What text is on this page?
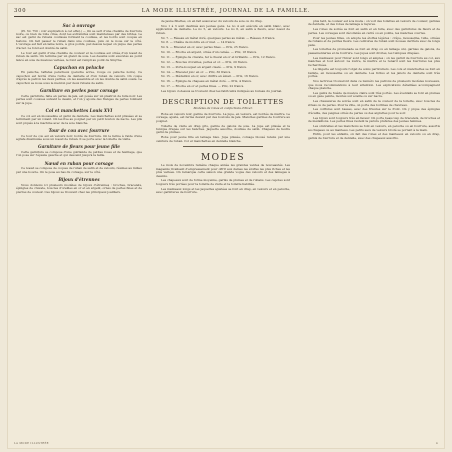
300	LA MODE ILLUSTRÉE, JOURNAL DE LA FAMILLE.
Sac à ouvrage

(Pl. No 750 ; voir explication à cet effet.) — On se sert d'une chenille de fourrure noire, ou bien de toile cirée, dont les extrémités sont maintenues par des brides. Le sac est garni de rubans coulissés formant la coulisse, et les bords sont coupés en festons. On fait passer le ruban dans une coulisse, puis on le noue sur le côté. L'ouvrage est fait en laine noire, à gros points, par-dessus lequel on pique des perles d'acier. Le fond est doublé de satin.

Le tour est garni d'une chenille de couleur et la coulisse est ornée d'un nœud de ruban de satin. On termine par un gland de soie. Les dessins sont exécutés au point lancé en soie de nuances variées, le fond est rempli au point de Smyrne.

Capuchon en peluche

En peluche, taffetas pelucheux (peluche écrue, rouge ou peluche noire). Ce capuchon est bordé d'une ruche de dentelle et d'un ruban de velours. On coupe d'après le patron les deux parties, on les assemble et on les double de satin ouaté. Le capuchon se noue sous le menton par deux rubans de satin.

Garniture en perles pour corsage

Cette garniture, faite en perles de jais, est posée sur un plastron de tulle noir. Les perles sont cousues suivant le dessin, et l'on y ajoute des franges de perles tombant sur la jupe.

Col et manchettes Louis XVI

Ce col est en mousseline et garni de dentelle. Les manchettes sont plissées et se terminent par un volant. On les fixe au poignet par un petit bouton de nacre. Les plis sont piqués à la machine avec de la soie blanche.

Tour de cou avec fourrure

Ce tour de cou est en velours noir, bordé de fourrure. On le ferme à l'aide d'une agrafe dissimulée sous un nœud de ruban. Il se porte avec la toilette de visite.

Garniture de fleurs pour jeune fille

Cette garniture se compose d'une guirlande de petites roses et de feuillage, que l'on pose sur l'épaule gauche et qui descend jusqu'à la taille.

Nœud en ruban pour corsage

Ce nœud se compose de coques de ruban de satin et de velours, réunies au milieu par une boucle. On le pose au bas du corsage, sur le côté.

Bijoux d'étrennes

Nous donnons ici plusieurs modèles de bijoux d'étrennes : broches, bracelets, épingles de cravate, boucles d'oreilles en or et en argent, ornés de perles fines et de pierres de couleur. Ces bijoux se trouvent chez les principaux joailliers.

de jaune fillettes, on en fait aussi avec du velours de soie ou du drap.

Nos 1 à 3 sont destinés aux jeunes gens. Le no 4 est exécuté en satin blanc, avec application de dentelle. Le no 5, en velours. Le no 6, en satin à fleurs, avec nœud de ruban.

No 7. — Réseau en métal doré, quelques perles au métal. — Réseau, 6 francs.

No 8. — Chaîne de montre en or mat. — 14 francs.

No 9. — Bracelet en or, avec perles fines. — Prix, 25 francs.

No 10. — Broche en argent, ornée d'un camée. — Prix, 18 francs.

No 11. — Épingle de cravate, fer à cheval en or et brillants. — Prix, 12 francs.

No 12. — Boucles d'oreilles, perles et or. — Prix, 20 francs.

No 13. — Porte-bouquet en argent ciselé. — Prix, 9 francs.

No 14. — Bracelet jonc en or. — Prix, 30 francs.

No 15. — Médaillon en or, avec chiffre en émail. — Prix, 16 francs.

No 16. — Épingle de chapeau en métal doré. — Prix, 4 francs.

No 17. — Broche en or et perles fines. — Prix, 22 francs.

Les bijoux ci-dessus se trouvent chez les fabricants indiqués au bureau du journal.

DESCRIPTION DE TOILETTES
Modèles de robes et confections d'hiver.

Robe en velours noir, garnie de fourrure. La jupe, en velours, est bordée de martre. Le corsage, ajusté, est fermé devant par des boutons de jais. Manches garnies de fourrure au poignet.

Toilette de visite en drap gris, garnie de galons de soie. La jupe est plissée et la tunique drapée sur les hanches. Jaquette assortie, doublée de satin. Chapeau de feutre garni de plumes.

Robe pour jeune fille en lainage bleu. Jupe plissée, corsage blousé retenu par une ceinture de ruban. Col et manchettes en dentelle blanche.

MODES

Le mois de novembre ramène chaque année les grandes ventes de nouveautés. Les magasins rivalisent d'empressement pour offrir aux dames les étoffes les plus riches et les plus variées. On remarque cette saison une grande vogue des velours et des lainages à dessins.

Les chapeaux sont de forme moyenne, garnis de plumes et de rubans. Les capotes sont toujours très portées pour la toilette de visite et la toilette habillée.

Les manteaux longs et les jaquettes ajustées se font en drap, en velours et en peluche, avec garnitures de fourrure.

plus tard, la couleur est à la mode ; on voit des toilettes en velours de couleur, garnies de dentelle, et des robes de lainage à rayures.

Les robes de soirée se font en satin et en tulle, avec des garnitures de fleurs et de perles. Les corsages sont décolletés en carré ou en pointe, les manches courtes.

Pour les jeunes filles, on adopte les étoffes légères : crêpe, mousseline, tulle, ornées de rubans et de petites fleurs. Les ceintures de ruban sont nouées derrière avec de longs pans.

Les toilettes de promenade se font en drap ou en lainage uni, garnies de galons, de passementeries et de fourrure. Les jupes sont droites, les tuniques drapées.

Les manteaux pour l'hiver sont longs et amples ; on les garnit de fourrure au col, aux manches et tout autour. La loutre, la martre et le renard sont les fourrures les plus recherchées.

La lingerie est toujours l'objet de soins particuliers. Les cols et manchettes se font en batiste, en mousseline ou en dentelle. Les fichus et les jabots de dentelle sont très portés.

Nos lectrices trouveront dans ce numéro les patrons de plusieurs modèles nouveaux, que nous recommandons à leur attention. Les explications détaillées accompagnent chaque planche.

Les gants de Suède de nuance claire sont très portés. Les éventails se font en plumes ou en gaze peinte, montés sur écaille ou sur nacre.

Les chaussures de soirée sont en satin de la couleur de la toilette, avec boucles de strass ou de perles. Pour la ville, on porte des bottines de chevreau.

Les coiffures sont basses, avec des frisures sur le front. On y pique des épingles d'écaille, des peignes ornés de perles ou des aigrettes pour le soir.

Les bijoux sont toujours très en faveur. On porte beaucoup de bracelets, de broches et de médaillons. Les perles fines restent la parure préférée des jeunes femmes.

Les ombrelles et les manchons se font en velours, en peluche ou en fourrure, assortis au chapeau ou au manteau. Les petits sacs de velours brodé se portent à la main.

Enfin, pour les enfants, on fait des robes et des manteaux en velours ou en drap, garnis de fourrure et de dentelle, avec des chapeaux assortis.

LA MODE ILLUSTRÉE	4
